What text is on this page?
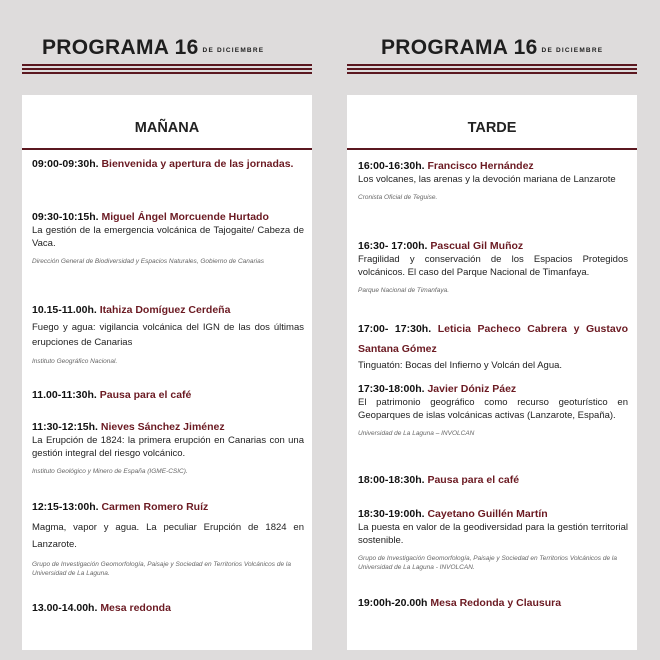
PROGRAMA 16 DE DICIEMBRE
MAÑANA
09:00-09:30h. Bienvenida y apertura de las jornadas.
09:30-10:15h. Miguel Ángel Morcuende Hurtado
La gestión de la emergencia volcánica de Tajogaite/ Cabeza de Vaca.
Dirección General de Biodiversidad y Espacios Naturales, Gobierno de Canarias
10.15-11.00h. Itahiza Domíguez Cerdeña
Fuego y agua: vigilancia volcánica del IGN de las dos últimas erupciones de Canarias
Instituto Geográfico Nacional.
11.00-11:30h. Pausa para el café
11:30-12:15h. Nieves Sánchez Jiménez
La Erupción de 1824: la primera erupción en Canarias con una gestión integral del riesgo volcánico.
Instituto Geológico y Minero de España (IGME-CSIC).
12:15-13:00h. Carmen Romero Ruíz
Magma, vapor y agua. La peculiar Erupción de 1824 en Lanzarote.
Grupo de Investigación Geomorfología, Paisaje y Sociedad en Territorios Volcánicos de la Universidad de La Laguna.
13.00-14.00h. Mesa redonda
PROGRAMA 16 DE DICIEMBRE
TARDE
16:00-16:30h. Francisco Hernández
Los volcanes, las arenas y la devoción mariana de Lanzarote
Cronista Oficial de Teguise.
16:30- 17:00h. Pascual Gil Muñoz
Fragilidad y conservación de los Espacios Protegidos volcánicos. El caso del Parque Nacional de Timanfaya.
Parque Nacional de Timanfaya.
17:00- 17:30h. Leticia Pacheco Cabrera y Gustavo Santana Gómez
Tinguatón: Bocas del Infierno y Volcán del Agua.
17:30-18:00h. Javier Dóniz Páez
El patrimonio geográfico como recurso geoturístico en Geoparques de islas volcánicas activas (Lanzarote, España).
Universidad de La Laguna – INVOLCAN
18:00-18:30h. Pausa para el café
18:30-19:00h. Cayetano Guillén Martín
La puesta en valor de la geodiversidad para la gestión territorial sostenible.
Grupo de Investigación Geomorfología, Paisaje y Sociedad en Territorios Volcánicos de la Universidad de La Laguna - INVOLCAN.
19:00h-20.00h Mesa Redonda y Clausura
